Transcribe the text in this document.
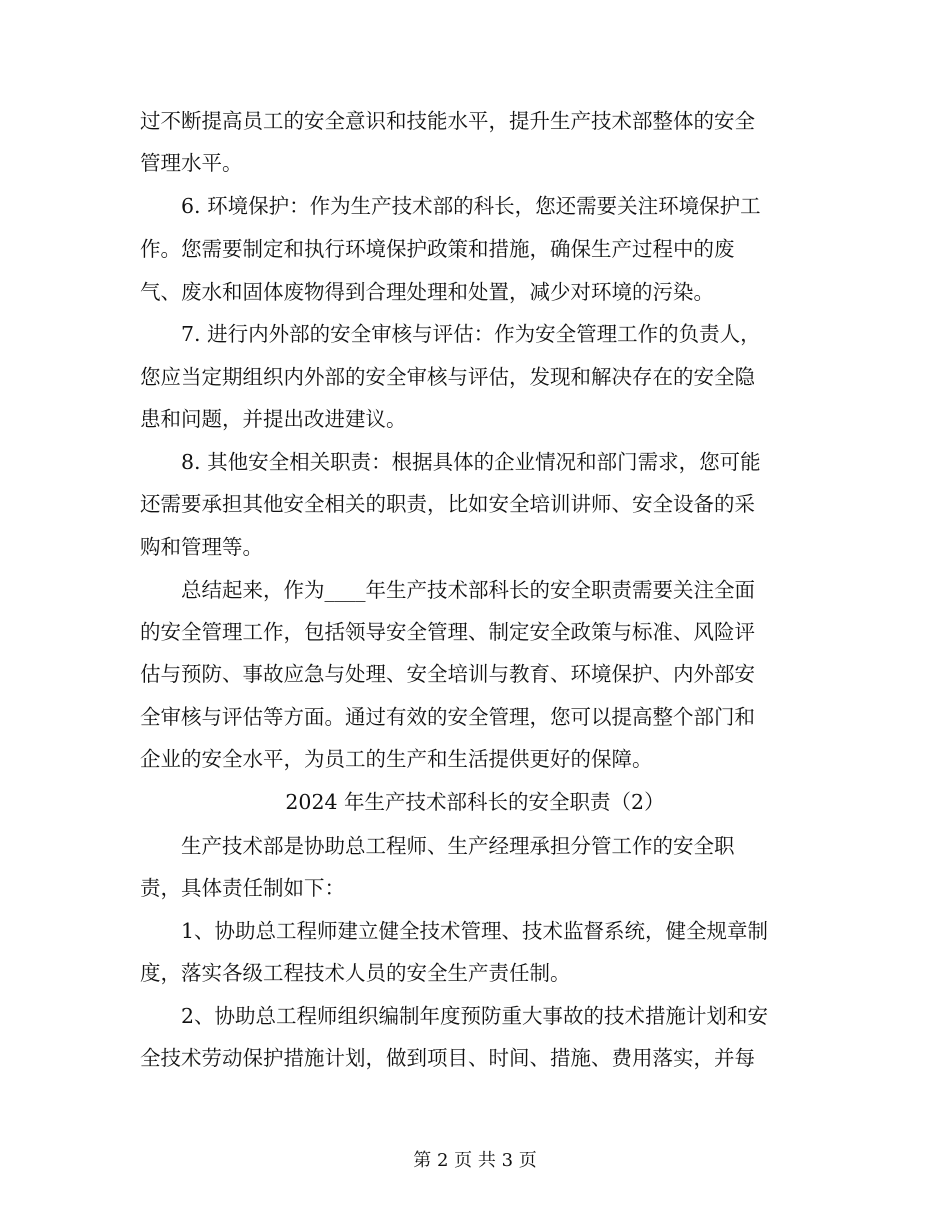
过不断提高员工的安全意识和技能水平，提升生产技术部整体的安全
管理水平。
　　6. 环境保护：作为生产技术部的科长，您还需要关注环境保护工
作。您需要制定和执行环境保护政策和措施，确保生产过程中的废
气、废水和固体废物得到合理处理和处置，减少对环境的污染。
　　7. 进行内外部的安全审核与评估：作为安全管理工作的负责人，
您应当定期组织内外部的安全审核与评估，发现和解决存在的安全隐
患和问题，并提出改进建议。
　　8. 其他安全相关职责：根据具体的企业情况和部门需求，您可能
还需要承担其他安全相关的职责，比如安全培训讲师、安全设备的采
购和管理等。
　　总结起来，作为____年生产技术部科长的安全职责需要关注全面
的安全管理工作，包括领导安全管理、制定安全政策与标准、风险评
估与预防、事故应急与处理、安全培训与教育、环境保护、内外部安
全审核与评估等方面。通过有效的安全管理，您可以提高整个部门和
企业的安全水平，为员工的生产和生活提供更好的保障。
2024 年生产技术部科长的安全职责（2）
　　生产技术部是协助总工程师、生产经理承担分管工作的安全职
责，具体责任制如下：
　　1、协助总工程师建立健全技术管理、技术监督系统，健全规章制
度，落实各级工程技术人员的安全生产责任制。
　　2、协助总工程师组织编制年度预防重大事故的技术措施计划和安
全技术劳动保护措施计划，做到项目、时间、措施、费用落实，并每
第 2 页 共 3 页
